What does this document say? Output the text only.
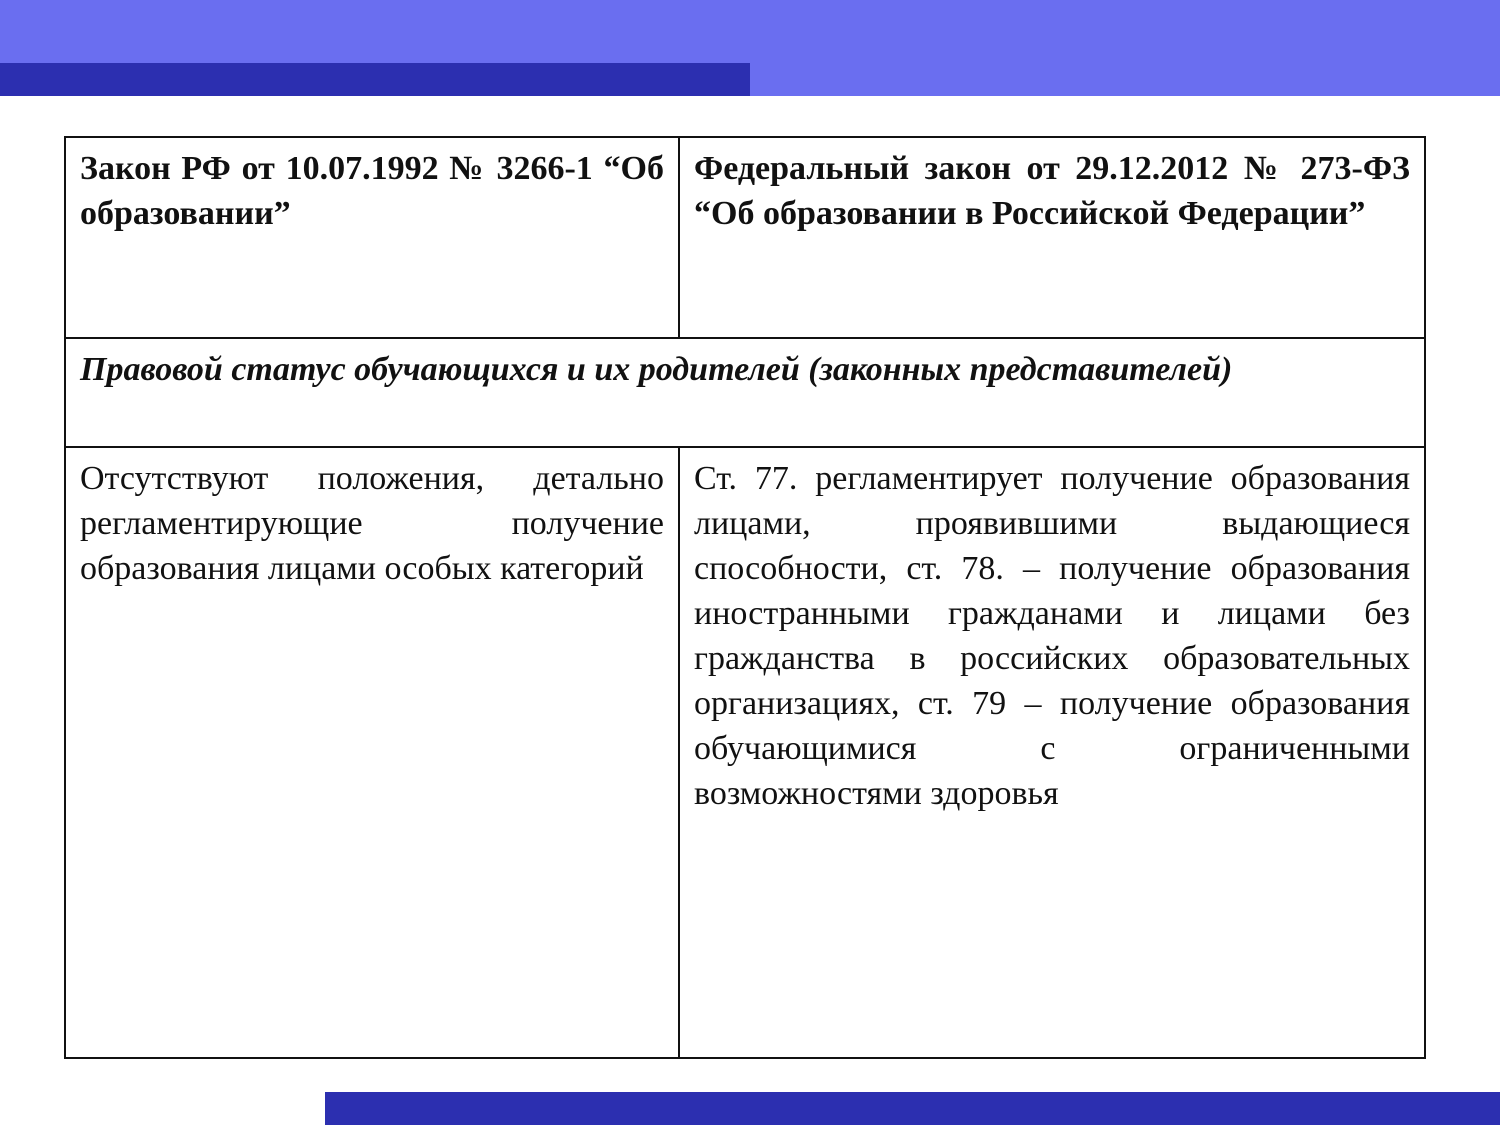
Закон РФ от 10.07.1992 № 3266-1 “Об образовании”	Федеральный закон от 29.12.2012 № 273-ФЗ “Об образовании в Российской Федерации”
Правовой статус обучающихся и их родителей (законных представителей)	
Отсутствуют положения, детально регламентирующие получение образования лицами особых категорий	Ст. 77. регламентирует получение образования лицами, проявившими выдающиеся способности, ст. 78. – получение образования иностранными гражданами и лицами без гражданства в российских образовательных организациях, ст. 79 – получение образования обучающимися с ограниченными возможностями здоровья
